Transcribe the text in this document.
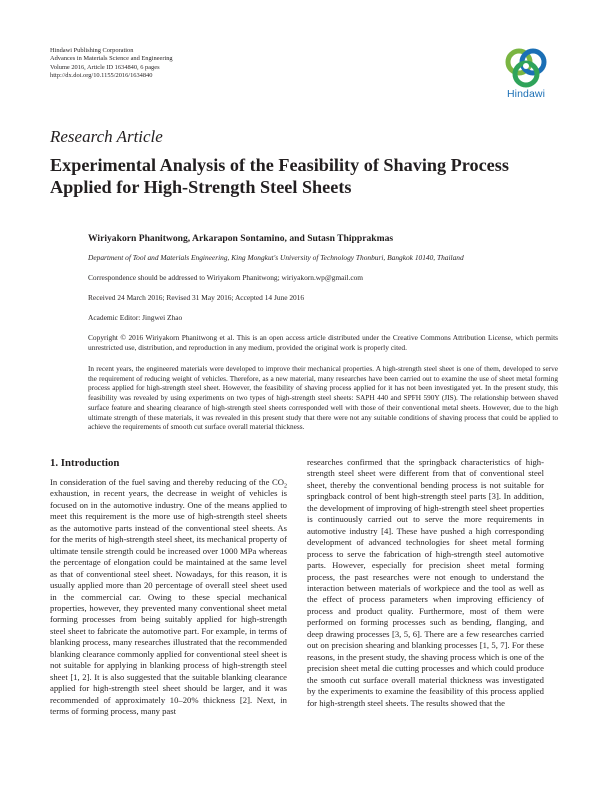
Hindawi Publishing Corporation
Advances in Materials Science and Engineering
Volume 2016, Article ID 1634840, 6 pages
http://dx.doi.org/10.1155/2016/1634840
Hindawi
Research Article
Experimental Analysis of the Feasibility of Shaving Process Applied for High-Strength Steel Sheets
Wiriyakorn Phanitwong, Arkarapon Sontamino, and Sutasn Thipprakmas
Department of Tool and Materials Engineering, King Mongkut's University of Technology Thonburi, Bangkok 10140, Thailand
Correspondence should be addressed to Wiriyakorn Phanitwong; wiriyakorn.wp@gmail.com
Received 24 March 2016; Revised 31 May 2016; Accepted 14 June 2016
Academic Editor: Jingwei Zhao
Copyright © 2016 Wiriyakorn Phanitwong et al. This is an open access article distributed under the Creative Commons Attribution License, which permits unrestricted use, distribution, and reproduction in any medium, provided the original work is properly cited.
In recent years, the engineered materials were developed to improve their mechanical properties. A high-strength steel sheet is one of them, developed to serve the requirement of reducing weight of vehicles. Therefore, as a new material, many researches have been carried out to examine the use of sheet metal forming process applied for high-strength steel sheet. However, the feasibility of shaving process applied for it has not been investigated yet. In the present study, this feasibility was revealed by using experiments on two types of high-strength steel sheets: SAPH 440 and SPFH 590Y (JIS). The relationship between shaved surface feature and shearing clearance of high-strength steel sheets corresponded well with those of their conventional metal sheets. However, due to the high ultimate strength of these materials, it was revealed in this present study that there were not any suitable conditions of shaving process that could be applied to achieve the requirements of smooth cut surface overall material thickness.

1. Introduction

In consideration of the fuel saving and thereby reducing of the $CO_2$ exhaustion, in recent years, the decrease in weight of vehicles is focused on in the automotive industry. One of the means applied to meet this requirement is the more use of high-strength steel sheets as the automotive parts instead of the conventional steel sheets. As for the merits of high-strength steel sheet, its mechanical property of ultimate tensile strength could be increased over 1000 MPa whereas the percentage of elongation could be maintained at the same level as that of conventional steel sheet. Nowadays, for this reason, it is usually applied more than 20 percentage of overall steel sheet used in the commercial car. Owing to these special mechanical properties, however, they prevented many conventional sheet metal forming processes from being suitably applied for high-strength steel sheet to fabricate the automotive part. For example, in terms of blanking process, many researches illustrated that the recommended blanking clearance commonly applied for conventional steel sheet is not suitable for applying in blanking process of high-strength steel sheet [1, 2]. It is also suggested that the suitable blanking clearance applied for high-strength steel sheet should be larger, and it was recommended of approximately 10–20% thickness [2]. Next, in terms of forming process, many past

researches confirmed that the springback characteristics of high-strength steel sheet were different from that of conventional steel sheet, thereby the conventional bending process is not suitable for springback control of bent high-strength steel parts [3]. In addition, the development of improving of high-strength steel sheet properties is continuously carried out to serve the more requirements in automotive industry [4]. These have pushed a high corresponding development of advanced technologies for sheet metal forming process to serve the fabrication of high-strength steel automotive parts. However, especially for precision sheet metal forming process, the past researches were not enough to understand the interaction between materials of workpiece and the tool as well as the effect of process parameters when improving efficiency of process and product quality. Furthermore, most of them were performed on forming processes such as bending, flanging, and deep drawing processes [3, 5, 6]. There are a few researches carried out on precision shearing and blanking processes [1, 5, 7]. For these reasons, in the present study, the shaving process which is one of the precision sheet metal die cutting processes and which could produce the smooth cut surface overall material thickness was investigated by the experiments to examine the feasibility of this process applied for high-strength steel sheets. The results showed that the
